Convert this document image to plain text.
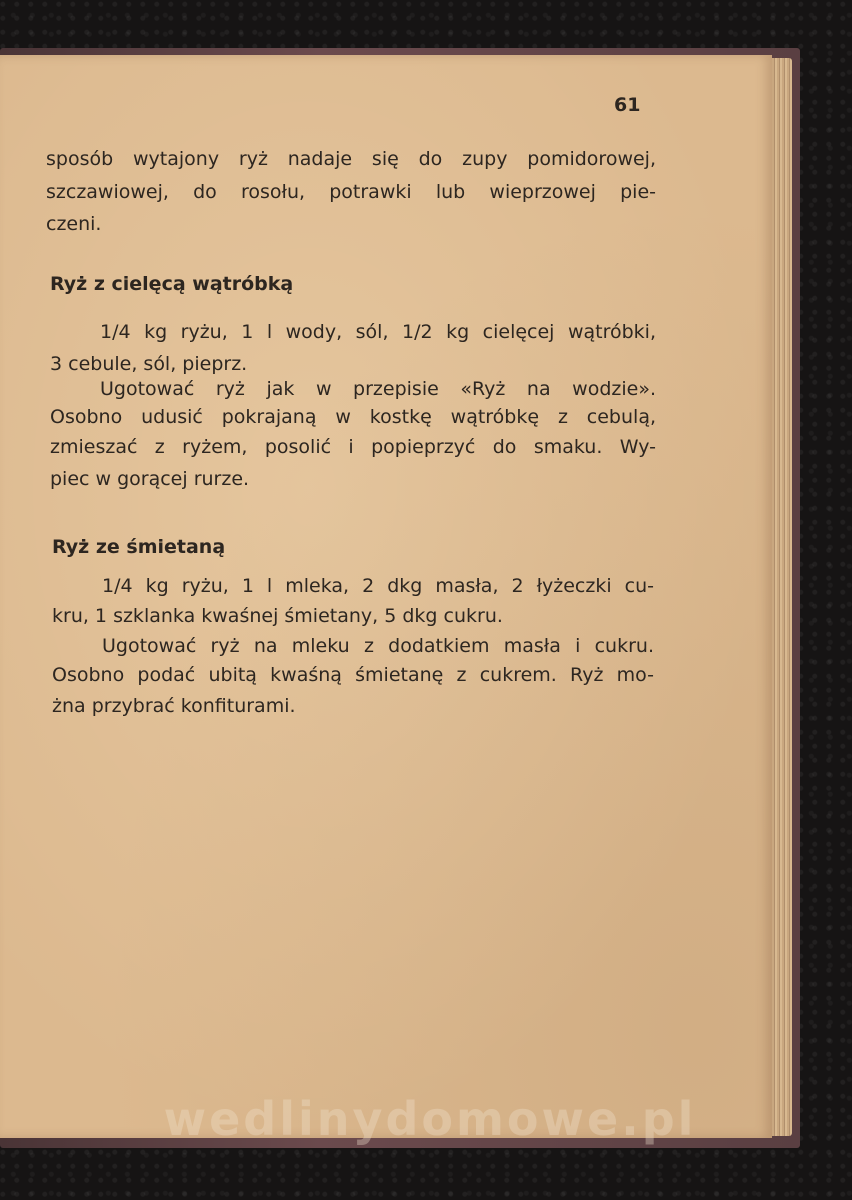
61
sposób wytajony ryż nadaje się do zupy pomidorowej,
szczawiowej, do rosołu, potrawki lub wieprzowej pie-
czeni.
Ryż z cielęcą wątróbką
1/4 kg ryżu, 1 l wody, sól, 1/2 kg cielęcej wątróbki,
3 cebule, sól, pieprz.
Ugotować ryż jak w przepisie «Ryż na wodzie».
Osobno udusić pokrajaną w kostkę wątróbkę z cebulą,
zmieszać z ryżem, posolić i popieprzyć do smaku. Wy-
piec w gorącej rurze.
Ryż ze śmietaną
1/4 kg ryżu, 1 l mleka, 2 dkg masła, 2 łyżeczki cu-
kru, 1 szklanka kwaśnej śmietany, 5 dkg cukru.
Ugotować ryż na mleku z dodatkiem masła i cukru.
Osobno podać ubitą kwaśną śmietanę z cukrem. Ryż mo-
żna przybrać konfiturami.
wedlinydomowe.pl
